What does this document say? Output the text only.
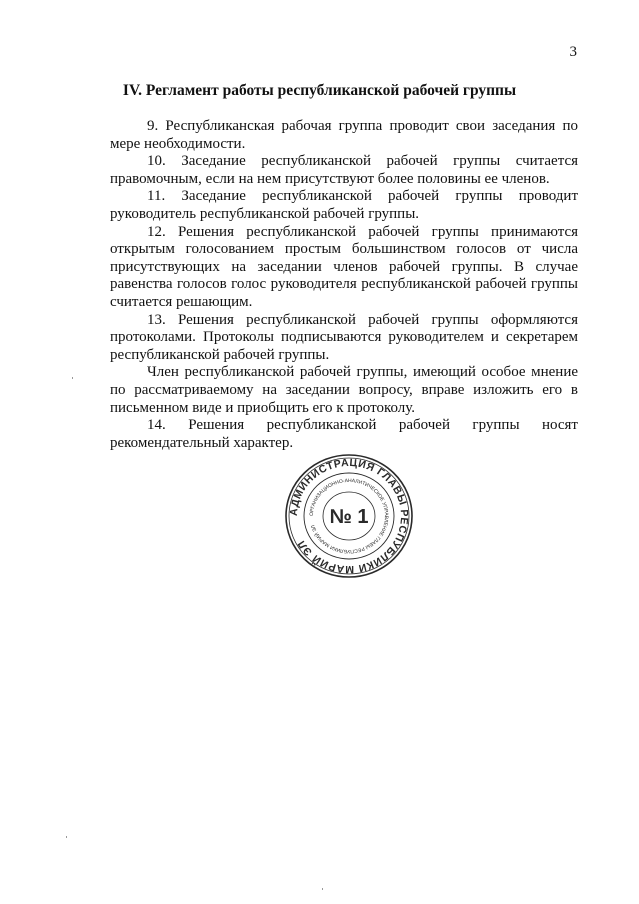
3
IV. Регламент работы республиканской рабочей группы

9. Республиканская рабочая группа проводит свои заседания по мере необходимости.

10. Заседание республиканской рабочей группы считается правомочным, если на нем присутствуют более половины ее членов.

11. Заседание республиканской рабочей группы проводит руководитель республиканской рабочей группы.

12. Решения республиканской рабочей группы принимаются открытым голосованием простым большинством голосов от числа присутствующих на заседании членов рабочей группы. В случае равенства голосов голос руководителя республиканской рабочей группы считается решающим.

13. Решения республиканской рабочей группы оформляются протоколами. Протоколы подписываются руководителем и секретарем республиканской рабочей группы.

Член республиканской рабочей группы, имеющий особое мнение по рассматриваемому на заседании вопросу, вправе изложить его в письменном виде и приобщить его к протоколу.

14. Решения республиканской рабочей группы носят рекомендательный характер.

АДМИНИСТРАЦИЯ ГЛАВЫ РЕСПУБЛИКИ МАРИЙ ЭЛ
ОРГАНИЗАЦИОННО-АНАЛИТИЧЕСКОЕ УПРАВЛЕНИЕ ГЛАВЫ РЕСПУБЛИКИ МАРИЙ ЭЛ № 1
